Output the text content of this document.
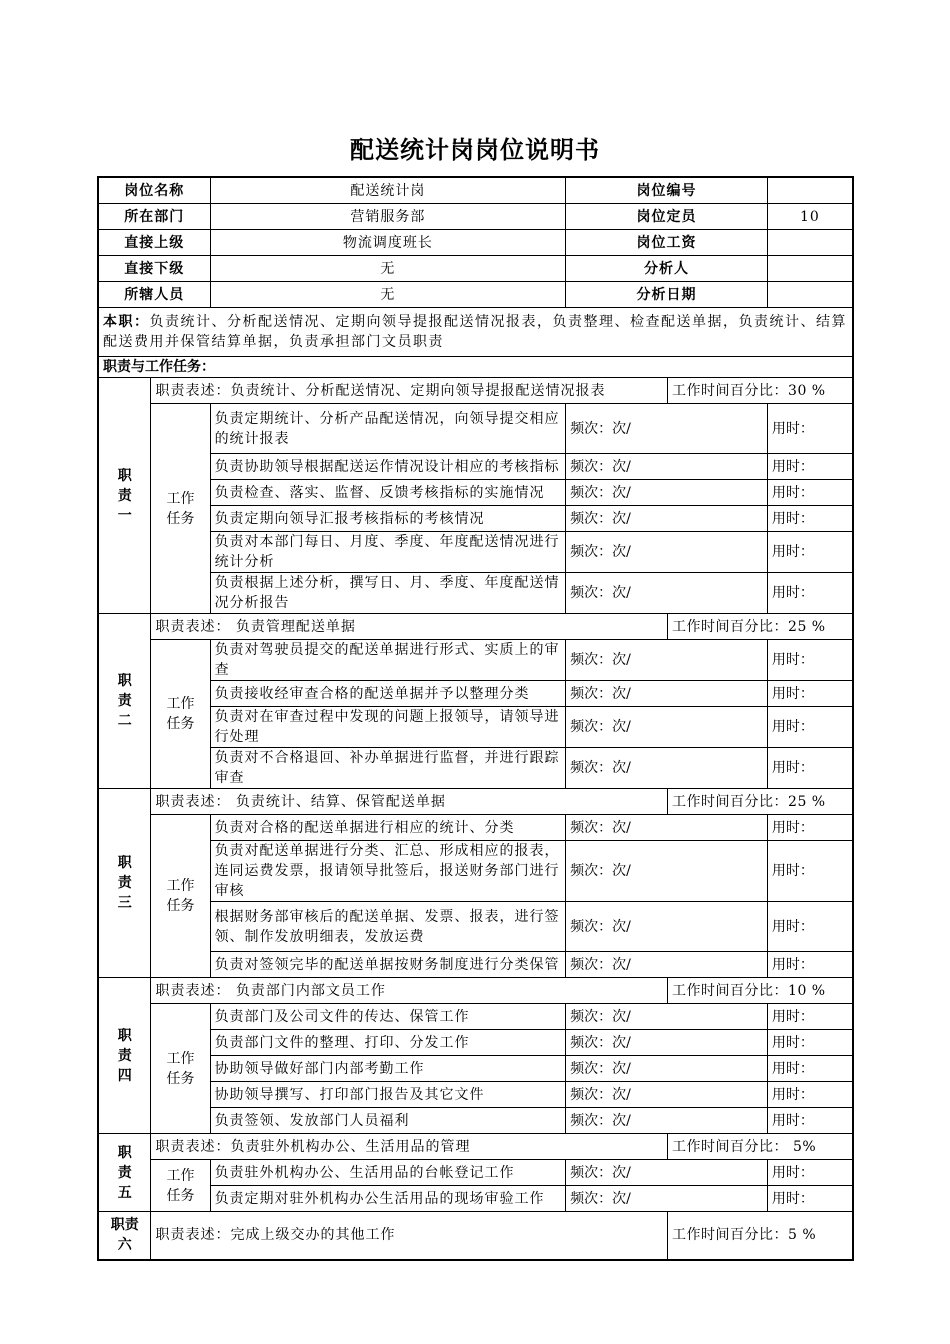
配送统计岗岗位说明书
岗位名称		配送统计岗	岗位编号		
所在部门		营销服务部	岗位定员		10
直接上级		物流调度班长	岗位工资		
直接下级		无	分析人		
所辖人员		无	分析日期		
本职：负责统计、分析配送情况、定期向领导提报配送情况报表，负责整理、检查配送单据，负责统计、结算配送费用并保管结算单据，负责承担部门文员职责					
职责与工作任务：					

职
责
一	职责表述：负责统计、分析配送情况、定期向领导提报配送情况报表			工作时间百分比：30 %	

	工作
任务	负责定期统计、分析产品配送情况，向领导提交相应的统计报表	频次：次/		用时：
		负责协助领导根据配送运作情况设计相应的考核指标	频次：次/		用时：
		负责检查、落实、监督、反馈考核指标的实施情况	频次：次/		用时：
		负责定期向领导汇报考核指标的考核情况	频次：次/		用时：
		负责对本部门每日、月度、季度、年度配送情况进行统计分析	频次：次/		用时：
		负责根据上述分析，撰写日、月、季度、年度配送情况分析报告	频次：次/		用时：

职
责
二	职责表述： 负责管理配送单据			工作时间百分比：25 %	

	工作
任务	负责对驾驶员提交的配送单据进行形式、实质上的审查	频次：次/		用时：
		负责接收经审查合格的配送单据并予以整理分类	频次：次/		用时：
		负责对在审查过程中发现的问题上报领导，请领导进行处理	频次：次/		用时：
		负责对不合格退回、补办单据进行监督，并进行跟踪审查	频次：次/		用时：

职
责
三	职责表述： 负责统计、结算、保管配送单据			工作时间百分比：25 %	

	工作
任务	负责对合格的配送单据进行相应的统计、分类	频次：次/		用时：
		负责对配送单据进行分类、汇总、形成相应的报表，连同运费发票，报请领导批签后，报送财务部门进行审核	频次：次/		用时：
		根据财务部审核后的配送单据、发票、报表，进行签领、制作发放明细表，发放运费	频次：次/		用时：
		负责对签领完毕的配送单据按财务制度进行分类保管	频次：次/		用时：

职
责
四	职责表述： 负责部门内部文员工作			工作时间百分比：10 %	

	工作
任务	负责部门及公司文件的传达、保管工作	频次：次/		用时：
		负责部门文件的整理、打印、分发工作	频次：次/		用时：
		协助领导做好部门内部考勤工作	频次：次/		用时：
		协助领导撰写、打印部门报告及其它文件	频次：次/		用时：
		负责签领、发放部门人员福利	频次：次/		用时：

职
责
五	职责表述：负责驻外机构办公、生活用品的管理			工作时间百分比： 5%	

	工作
任务	负责驻外机构办公、生活用品的台帐登记工作	频次：次/		用时：
		负责定期对驻外机构办公生活用品的现场审验工作	频次：次/		用时：

职责
六	职责表述：完成上级交办的其他工作			工作时间百分比：5 %	
